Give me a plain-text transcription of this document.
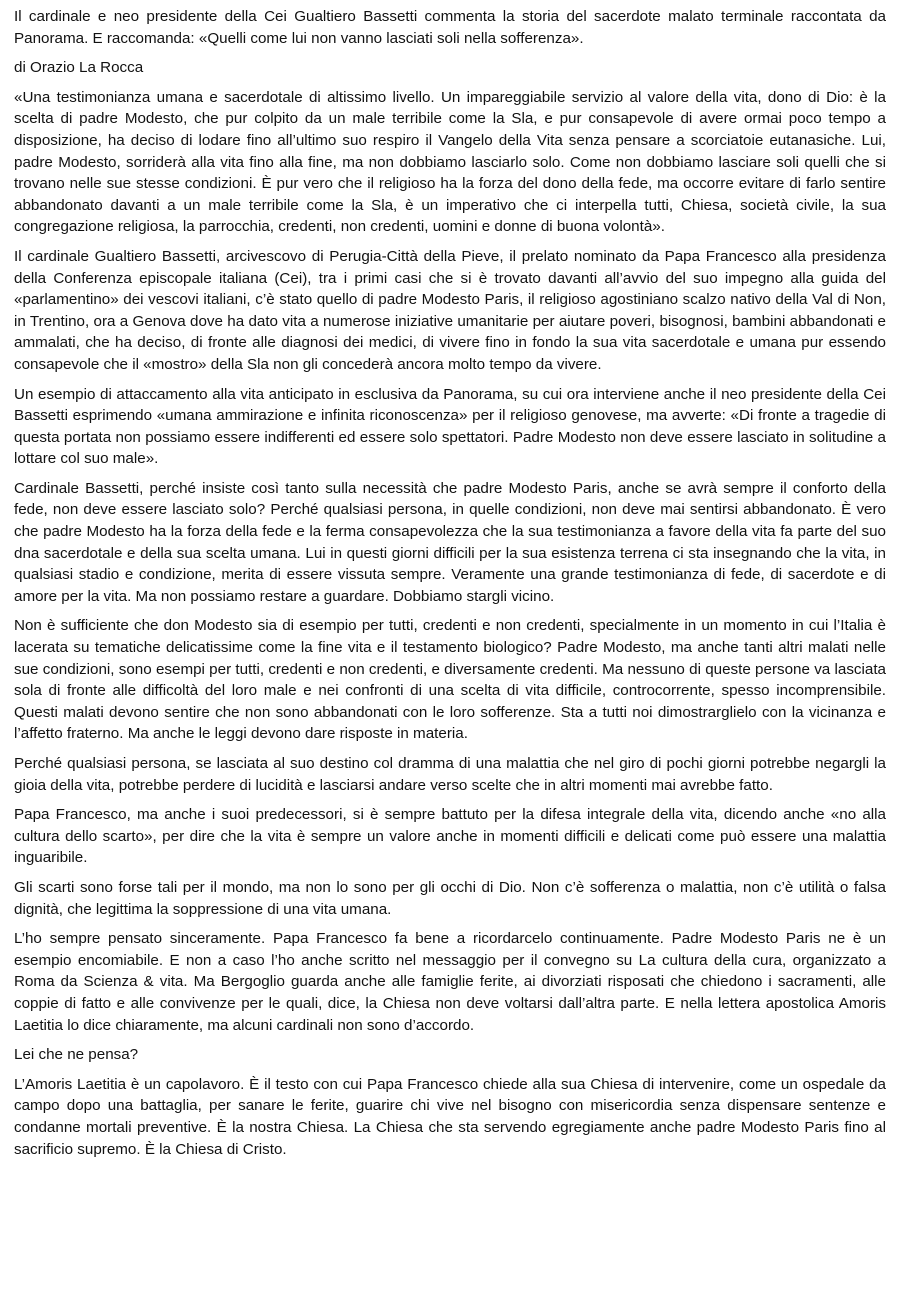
Il cardinale e neo presidente della Cei Gualtiero Bassetti commenta la storia del sacerdote malato terminale raccontata da Panorama. E raccomanda: «Quelli come lui non vanno lasciati soli nella sofferenza».

di Orazio La Rocca

«Una testimonianza umana e sacerdotale di altissimo livello. Un impareggiabile servizio al valore della vita, dono di Dio: è la scelta di padre Modesto, che pur colpito da un male terribile come la Sla, e pur consapevole di avere ormai poco tempo a disposizione, ha deciso di lodare fino all’ultimo suo respiro il Vangelo della Vita senza pensare a scorciatoie eutanasiche. Lui, padre Modesto, sorriderà alla vita fino alla fine, ma non dobbiamo lasciarlo solo. Come non dobbiamo lasciare soli quelli che si trovano nelle sue stesse condizioni. È pur vero che il religioso ha la forza del dono della fede, ma occorre evitare di farlo sentire abbandonato davanti a un male terribile come la Sla, è un imperativo che ci interpella tutti, Chiesa, società civile, la sua congregazione religiosa, la parrocchia, credenti, non credenti, uomini e donne di buona volontà».

Il cardinale Gualtiero Bassetti, arcivescovo di Perugia-Città della Pieve, il prelato nominato da Papa Francesco alla presidenza della Conferenza episcopale italiana (Cei), tra i primi casi che si è trovato davanti all’avvio del suo impegno alla guida del «parlamentino» dei vescovi italiani, c’è stato quello di padre Modesto Paris, il religioso agostiniano scalzo nativo della Val di Non, in Trentino, ora a Genova dove ha dato vita a numerose iniziative umanitarie per aiutare poveri, bisognosi, bambini abbandonati e ammalati, che ha deciso, di fronte alle diagnosi dei medici, di vivere fino in fondo la sua vita sacerdotale e umana pur essendo consapevole che il «mostro» della Sla non gli concederà ancora molto tempo da vivere.

Un esempio di attaccamento alla vita anticipato in esclusiva da Panorama, su cui ora interviene anche il neo presidente della Cei Bassetti esprimendo «umana ammirazione e infinita riconoscenza» per il religioso genovese, ma avverte: «Di fronte a tragedie di questa portata non possiamo essere indifferenti ed essere solo spettatori. Padre Modesto non deve essere lasciato in solitudine a lottare col suo male».

Cardinale Bassetti, perché insiste così tanto sulla necessità che padre Modesto Paris, anche se avrà sempre il conforto della fede, non deve essere lasciato solo? Perché qualsiasi persona, in quelle condizioni, non deve mai sentirsi abbandonato. È vero che padre Modesto ha la forza della fede e la ferma consapevolezza che la sua testimonianza a favore della vita fa parte del suo dna sacerdotale e della sua scelta umana. Lui in questi giorni difficili per la sua esistenza terrena ci sta insegnando che la vita, in qualsiasi stadio e condizione, merita di essere vissuta sempre. Veramente una grande testimonianza di fede, di sacerdote e di amore per la vita. Ma non possiamo restare a guardare. Dobbiamo stargli vicino.

Non è sufficiente che don Modesto sia di esempio per tutti, credenti e non credenti, specialmente in un momento in cui l’Italia è lacerata su tematiche delicatissime come la fine vita e il testamento biologico? Padre Modesto, ma anche tanti altri malati nelle sue condizioni, sono esempi per tutti, credenti e non credenti, e diversamente credenti. Ma nessuno di queste persone va lasciata sola di fronte alle difficoltà del loro male e nei confronti di una scelta di vita difficile, controcorrente, spesso incomprensibile. Questi malati devono sentire che non sono abbandonati con le loro sofferenze. Sta a tutti noi dimostrarglielo con la vicinanza e l’affetto fraterno. Ma anche le leggi devono dare risposte in materia.

Perché qualsiasi persona, se lasciata al suo destino col dramma di una malattia che nel giro di pochi giorni potrebbe negargli la gioia della vita, potrebbe perdere di lucidità e lasciarsi andare verso scelte che in altri momenti mai avrebbe fatto.

Papa Francesco, ma anche i suoi predecessori, si è sempre battuto per la difesa integrale della vita, dicendo anche «no alla cultura dello scarto», per dire che la vita è sempre un valore anche in momenti difficili e delicati come può essere una malattia inguaribile.

Gli scarti sono forse tali per il mondo, ma non lo sono per gli occhi di Dio. Non c’è sofferenza o malattia, non c’è utilità o falsa dignità, che legittima la soppressione di una vita umana.

L’ho sempre pensato sinceramente. Papa Francesco fa bene a ricordarcelo continuamente. Padre Modesto Paris ne è un esempio encomiabile. E non a caso l’ho anche scritto nel messaggio per il convegno su La cultura della cura, organizzato a Roma da Scienza & vita. Ma Bergoglio guarda anche alle famiglie ferite, ai divorziati risposati che chiedono i sacramenti, alle coppie di fatto e alle convivenze per le quali, dice, la Chiesa non deve voltarsi dall’altra parte. E nella lettera apostolica Amoris Laetitia lo dice chiaramente, ma alcuni cardinali non sono d’accordo.

Lei che ne pensa?

L’Amoris Laetitia è un capolavoro. È il testo con cui Papa Francesco chiede alla sua Chiesa di intervenire, come un ospedale da campo dopo una battaglia, per sanare le ferite, guarire chi vive nel bisogno con misericordia senza dispensare sentenze e condanne mortali preventive. È la nostra Chiesa. La Chiesa che sta servendo egregiamente anche padre Modesto Paris fino al sacrificio supremo. È la Chiesa di Cristo.
